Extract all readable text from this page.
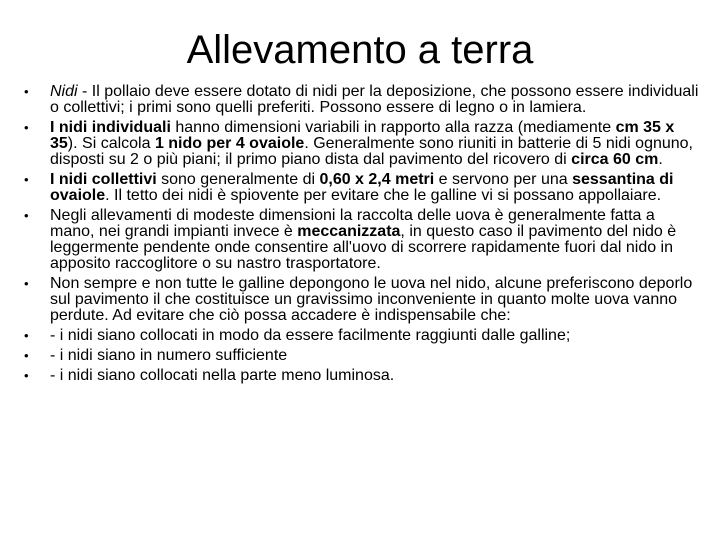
Allevamento a terra
• Nidi - Il pollaio deve essere dotato di nidi per la deposizione, che possono essere individuali o collettivi; i primi sono quelli preferiti. Possono essere di legno o in lamiera.
• I nidi individuali hanno dimensioni variabili in rapporto alla razza (mediamente cm 35 x 35). Si calcola 1 nido per 4 ovaiole. Generalmente sono riuniti in batterie di 5 nidi ognuno, disposti su 2 o più piani; il primo piano dista dal pavimento del ricovero di circa 60 cm.
• I nidi collettivi sono generalmente di 0,60 x 2,4 metri e servono per una sessantina di ovaiole. Il tetto dei nidi è spiovente per evitare che le galline vi si possano appollaiare.
• Negli allevamenti di modeste dimensioni la raccolta delle uova è generalmente fatta a mano, nei grandi impianti invece è meccanizzata, in questo caso il pavimento del nido è leggermente pendente onde consentire all'uovo di scorrere rapidamente fuori dal nido in apposito raccoglitore o su nastro trasportatore.
• Non sempre e non tutte le galline depongono le uova nel nido, alcune preferiscono deporlo sul pavimento il che costituisce un gravissimo inconveniente in quanto molte uova vanno perdute. Ad evitare che ciò possa accadere è indispensabile che:
• - i nidi siano collocati in modo da essere facilmente raggiunti dalle galline;
• - i nidi siano in numero sufficiente
• - i nidi siano collocati nella parte meno luminosa.
